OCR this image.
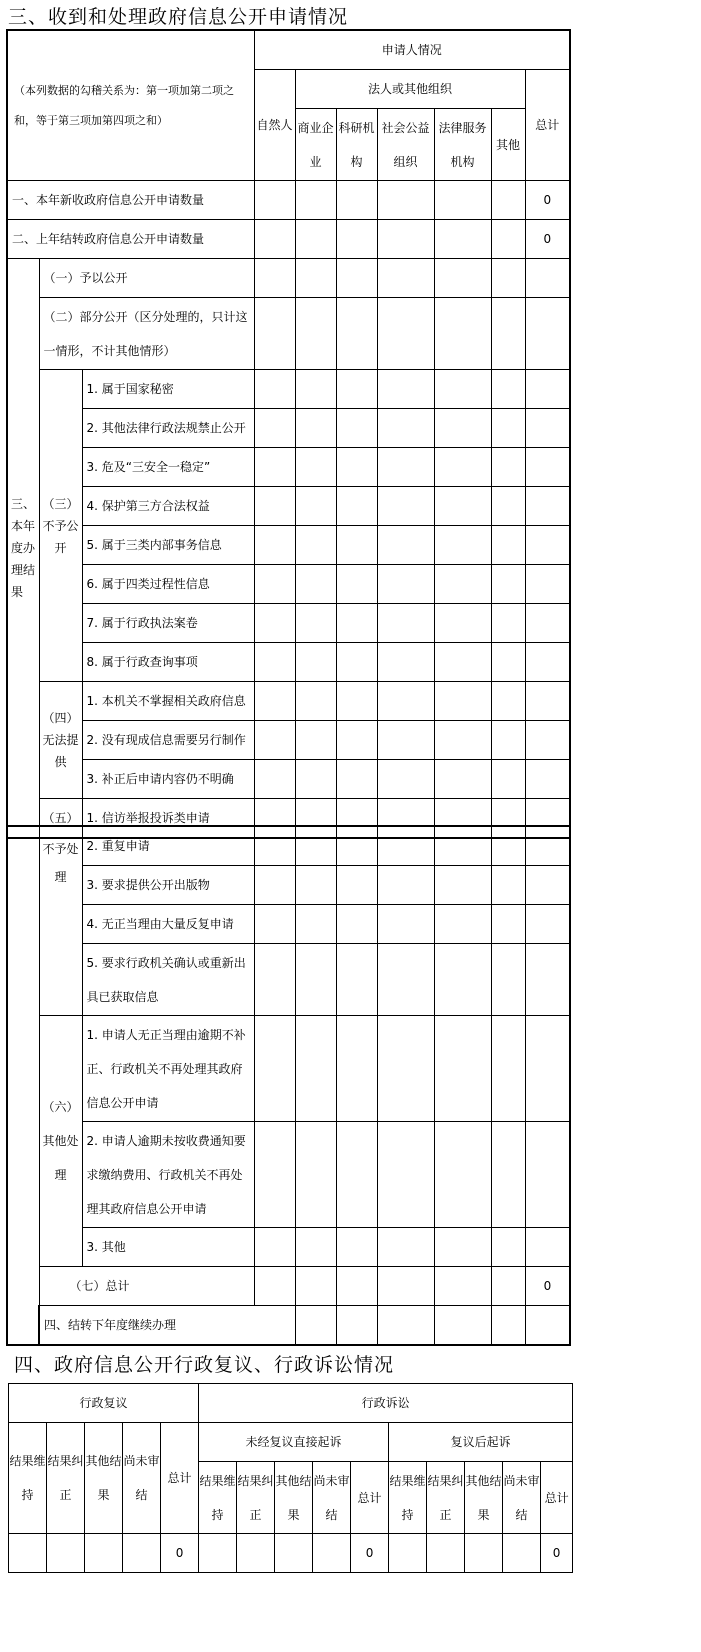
三、收到和处理政府信息公开申请情况
（本列数据的勾稽关系为：第一项加第二项之和，等于第三项加第四项之和）			申请人情况						
			自然人	法人或其他组织					总计
				商业企业	科研机构	社会公益组织	法律服务机构	其他	

一、本年新收政府信息公开申请数量									0
二、上年结转政府信息公开申请数量									0
三、本年度办理结果	（一）予以公开								
	（二）部分公开（区分处理的，只计这一情形，不计其他情形）								
	（三）不予公开	1. 属于国家秘密							
		2. 其他法律行政法规禁止公开							
		3. 危及“三安全一稳定”							
		4. 保护第三方合法权益							
		5. 属于三类内部事务信息							
		6. 属于四类过程性信息							
		7. 属于行政执法案卷							
		8. 属于行政查询事项							
	（四）无法提供	1. 本机关不掌握相关政府信息							
		2. 没有现成信息需要另行制作							
		3. 补正后申请内容仍不明确							
	（五）	1. 信访举报投诉类申请							
	不予处理	2. 重复申请								
		3. 要求提供公开出版物								
		4. 无正当理由大量反复申请								
		5. 要求行政机关确认或重新出具已获取信息								
	（六）其他处理	1. 申请人无正当理由逾期不补正、行政机关不再处理其政府信息公开申请								
		2. 申请人逾期未按收费通知要求缴纳费用、行政机关不再处理其政府信息公开申请								
		3. 其他								
	（七）总计								0	
	四、结转下年度继续办理							
四、政府信息公开行政复议、行政诉讼情况
行政复议					行政诉讼									
结果维持	结果纠正	其他结果	尚未审结	总计	未经复议直接起诉					复议后起诉				
					结果维持	结果纠正	其他结果	尚未审结	总计	结果维持	结果纠正	其他结果	尚未审结	总计
				0					0					0
